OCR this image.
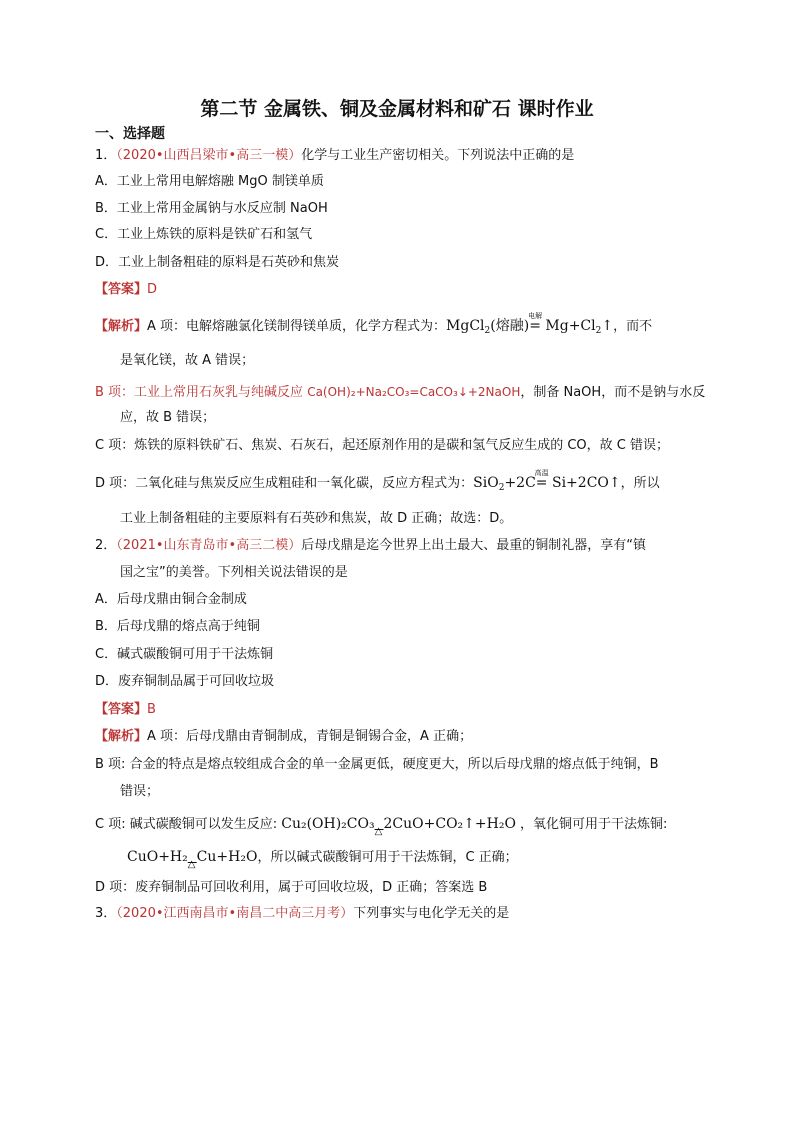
第二节 金属铁、铜及金属材料和矿石 课时作业
一、选择题
1．（2020•山西吕梁市•高三一模）化学与工业生产密切相关。下列说法中正确的是
A．工业上常用电解熔融 MgO 制镁单质
B．工业上常用金属钠与水反应制 NaOH
C．工业上炼铁的原料是铁矿石和氢气
D．工业上制备粗硅的原料是石英砂和焦炭
【答案】D
【解析】A 项：电解熔融氯化镁制得镁单质，化学方程式为：MgCl$_2$(熔融)
电解
= $Mg+Cl_2↑$，而不
是氧化镁，故 A 错误；
B 项：工业上常用石灰乳与纯碱反应 Ca(OH)₂+Na₂CO₃=CaCO₃↓+2NaOH，制备 NaOH，而不是钠与水反
应，故 B 错误；
C 项：炼铁的原料铁矿石、焦炭、石灰石，起还原剂作用的是碳和氢气反应生成的 CO，故 C 错误；
D 项：二氧化硅与焦炭反应生成粗硅和一氧化碳，反应方程式为：SiO$_2$+2C
高温
= Si+2CO↑，所以
工业上制备粗硅的主要原料有石英砂和焦炭，故 D 正确；故选：D。
2．（2021•山东青岛市•高三二模）后母戊鼎是迄今世界上出土最大、最重的铜制礼器，享有“镇
国之宝”的美誉。下列相关说法错误的是
A．后母戊鼎由铜合金制成
B．后母戊鼎的熔点高于纯铜
C．碱式碳酸铜可用于干法炼铜
D．废弃铜制品属于可回收垃圾
【答案】B
【解析】A 项：后母戊鼎由青铜制成，青铜是铜锡合金，A 正确；
B 项: 合金的特点是熔点较组成合金的单一金属更低，硬度更大，所以后母戊鼎的熔点低于纯铜，B
错误；
C 项: 碱式碳酸铜可以发生反应: Cu₂(OH)₂CO₃ △ 2CuO+CO₂↑+H₂O ，氧化铜可用于干法炼铜:
CuO+H₂ △ Cu+H₂O，所以碱式碳酸铜可用于干法炼铜，C 正确；
D 项：废弃铜制品可回收利用，属于可回收垃圾，D 正确；答案选 B
3．（2020•江西南昌市•南昌二中高三月考）下列事实与电化学无关的是
